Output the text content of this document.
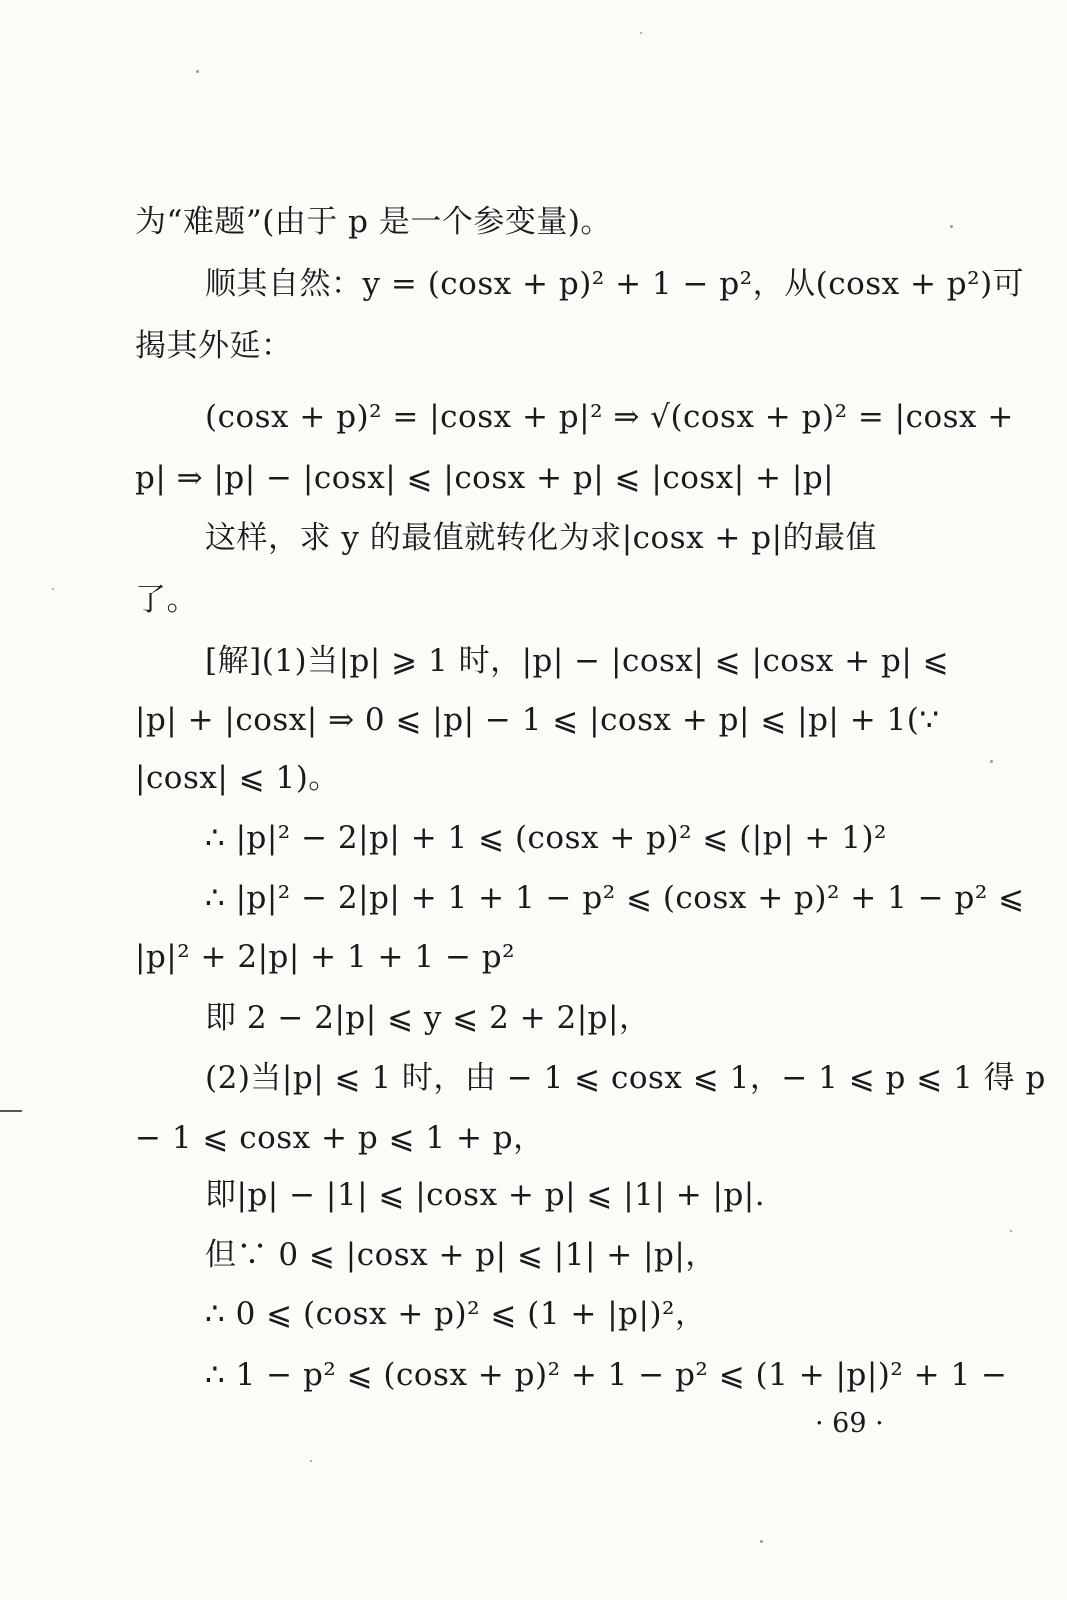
为“难题”(由于 p 是一个参变量)。
顺其自然：y = (cosx + p)² + 1 − p²，从(cosx + p²)可
揭其外延：
(cosx + p)² = |cosx + p|² ⇒ √(cosx + p)² = |cosx +
p| ⇒ |p| − |cosx| ⩽ |cosx + p| ⩽ |cosx| + |p|
这样，求 y 的最值就转化为求|cosx + p|的最值
了。
[解](1)当|p| ⩾ 1 时，|p| − |cosx| ⩽ |cosx + p| ⩽
|p| + |cosx| ⇒ 0 ⩽ |p| − 1 ⩽ |cosx + p| ⩽ |p| + 1(∵
|cosx| ⩽ 1)。
∴ |p|² − 2|p| + 1 ⩽ (cosx + p)² ⩽ (|p| + 1)²
∴ |p|² − 2|p| + 1 + 1 − p² ⩽ (cosx + p)² + 1 − p² ⩽
|p|² + 2|p| + 1 + 1 − p²
即 2 − 2|p| ⩽ y ⩽ 2 + 2|p|，
(2)当|p| ⩽ 1 时，由 − 1 ⩽ cosx ⩽ 1，− 1 ⩽ p ⩽ 1 得 p
− 1 ⩽ cosx + p ⩽ 1 + p，
即|p| − |1| ⩽ |cosx + p| ⩽ |1| + |p|.
但∵ 0 ⩽ |cosx + p| ⩽ |1| + |p|，
∴ 0 ⩽ (cosx + p)² ⩽ (1 + |p|)²，
∴ 1 − p² ⩽ (cosx + p)² + 1 − p² ⩽ (1 + |p|)² + 1 −
· 69 ·
